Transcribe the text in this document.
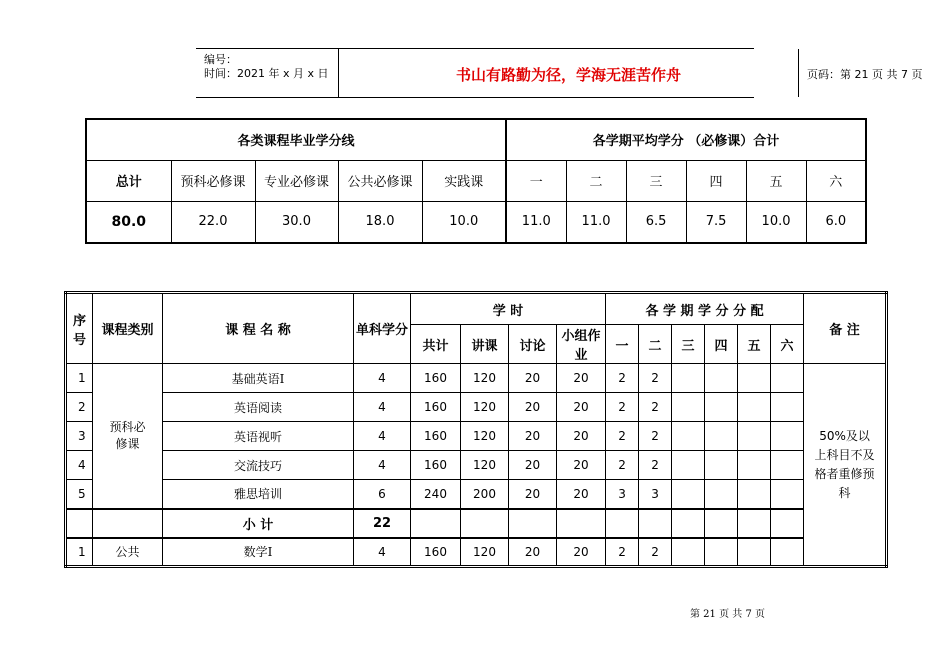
编号：
时间：2021 年 x 月 x 日	书山有路勤为径，学海无涯苦作舟	页码：第 21 页 共 7 页
各类课程毕业学分线					各学期平均学分 （必修课）合计					
总计	预科必修课	专业必修课	公共必修课	实践课	一	二	三	四	五	六
80.0	22.0	30.0	18.0	10.0	11.0	11.0	6.5	7.5	10.0	6.0
序号	课程类别	课 程 名 称	单科学分	学 时				各 学 期 学 分 分 配						备 注
				共计	讲课	讨论	小组作业	一	二	三	四	五	六	
1	预科必修课	基础英语Ⅰ	4	160	120	20	20	2	2					50%及以上科目不及格者重修预科
2		英语阅读	4	160	120	20	20	2	2					
3		英语视听	4	160	120	20	20	2	2					
4		交流技巧	4	160	120	20	20	2	2					
5		雅思培训	6	240	200	20	20	3	3					
		小 计	22											
1	公共	数学Ⅰ	4	160	120	20	20	2	2					
第 21 页 共 7 页
